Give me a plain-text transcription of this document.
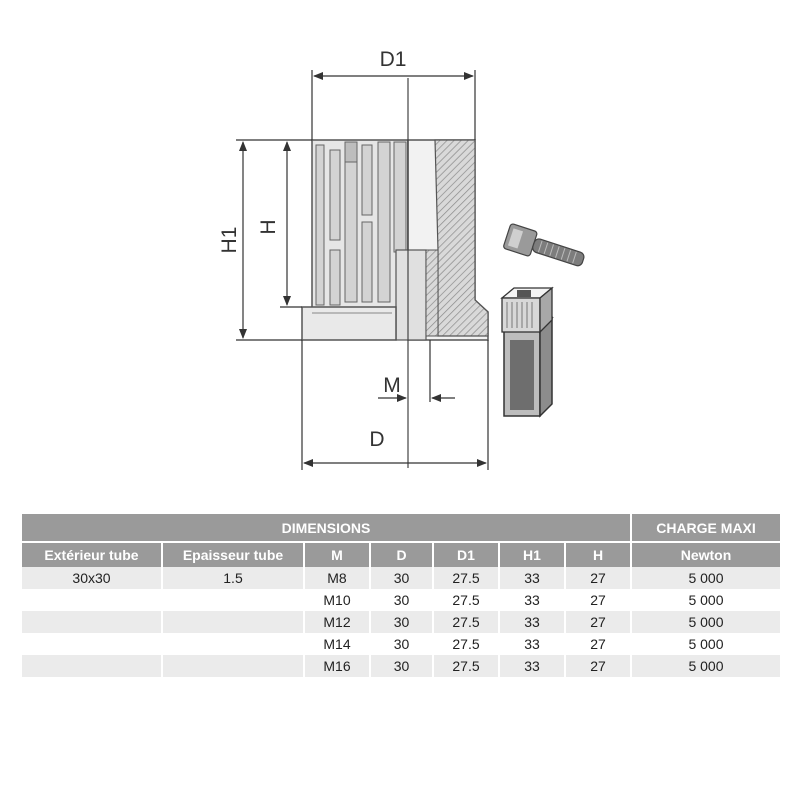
D1
H1 H
M
D
DIMENSIONS							CHARGE MAXI
Extérieur tube	Epaisseur tube	M	D	D1	H1	H	Newton
30x30	1.5	M8	30	27.5	33	27	5 000
		M10	30	27.5	33	27	5 000
		M12	30	27.5	33	27	5 000
		M14	30	27.5	33	27	5 000
		M16	30	27.5	33	27	5 000
